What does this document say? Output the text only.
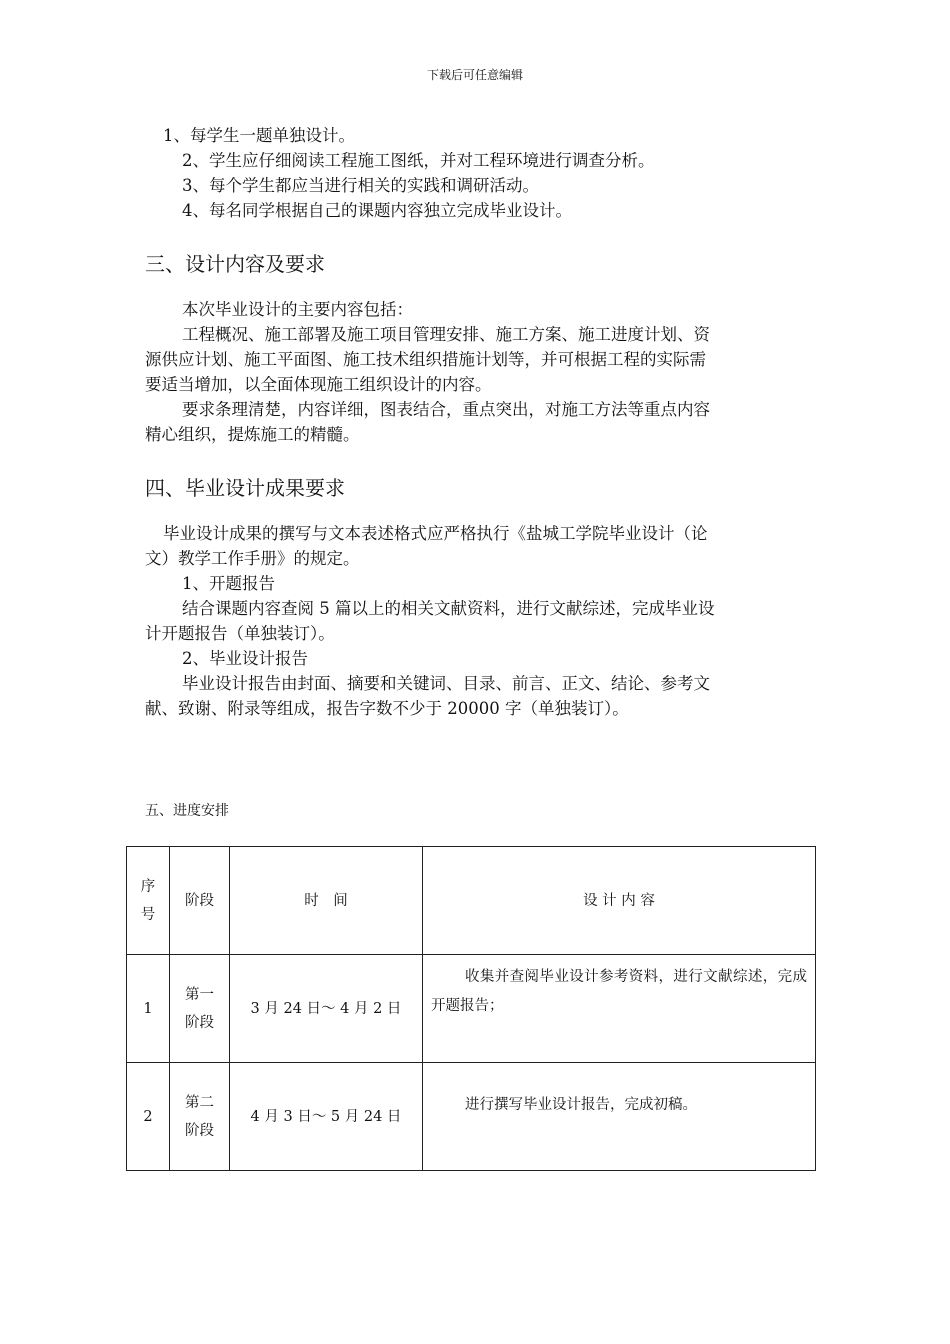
下载后可任意编辑
1、每学生一题单独设计。
2、学生应仔细阅读工程施工图纸，并对工程环境进行调查分析。
3、每个学生都应当进行相关的实践和调研活动。
4、每名同学根据自己的课题内容独立完成毕业设计。
三、设计内容及要求
本次毕业设计的主要内容包括：
工程概况、施工部署及施工项目管理安排、施工方案、施工进度计划、资
源供应计划、施工平面图、施工技术组织措施计划等，并可根据工程的实际需
要适当增加，以全面体现施工组织设计的内容。
要求条理清楚，内容详细，图表结合，重点突出，对施工方法等重点内容
精心组织，提炼施工的精髓。
四、毕业设计成果要求
毕业设计成果的撰写与文本表述格式应严格执行《盐城工学院毕业设计（论
文）教学工作手册》的规定。
1、开题报告
结合课题内容查阅 5 篇以上的相关文献资料，进行文献综述，完成毕业设
计开题报告（单独装订）。
2、毕业设计报告
毕业设计报告由封面、摘要和关键词、目录、前言、正文、结论、参考文
献、致谢、附录等组成，报告字数不少于 20000 字（单独装订）。
五、进度安排
序
号	阶段	时　间	设 计 内 容

1	第一
阶段	3 月 24 日～ 4 月 2 日	收集并查阅毕业设计参考资料，进行文献综述，完成开题报告；

2	第二
阶段	4 月 3 日～ 5 月 24 日	进行撰写毕业设计报告，完成初稿。
